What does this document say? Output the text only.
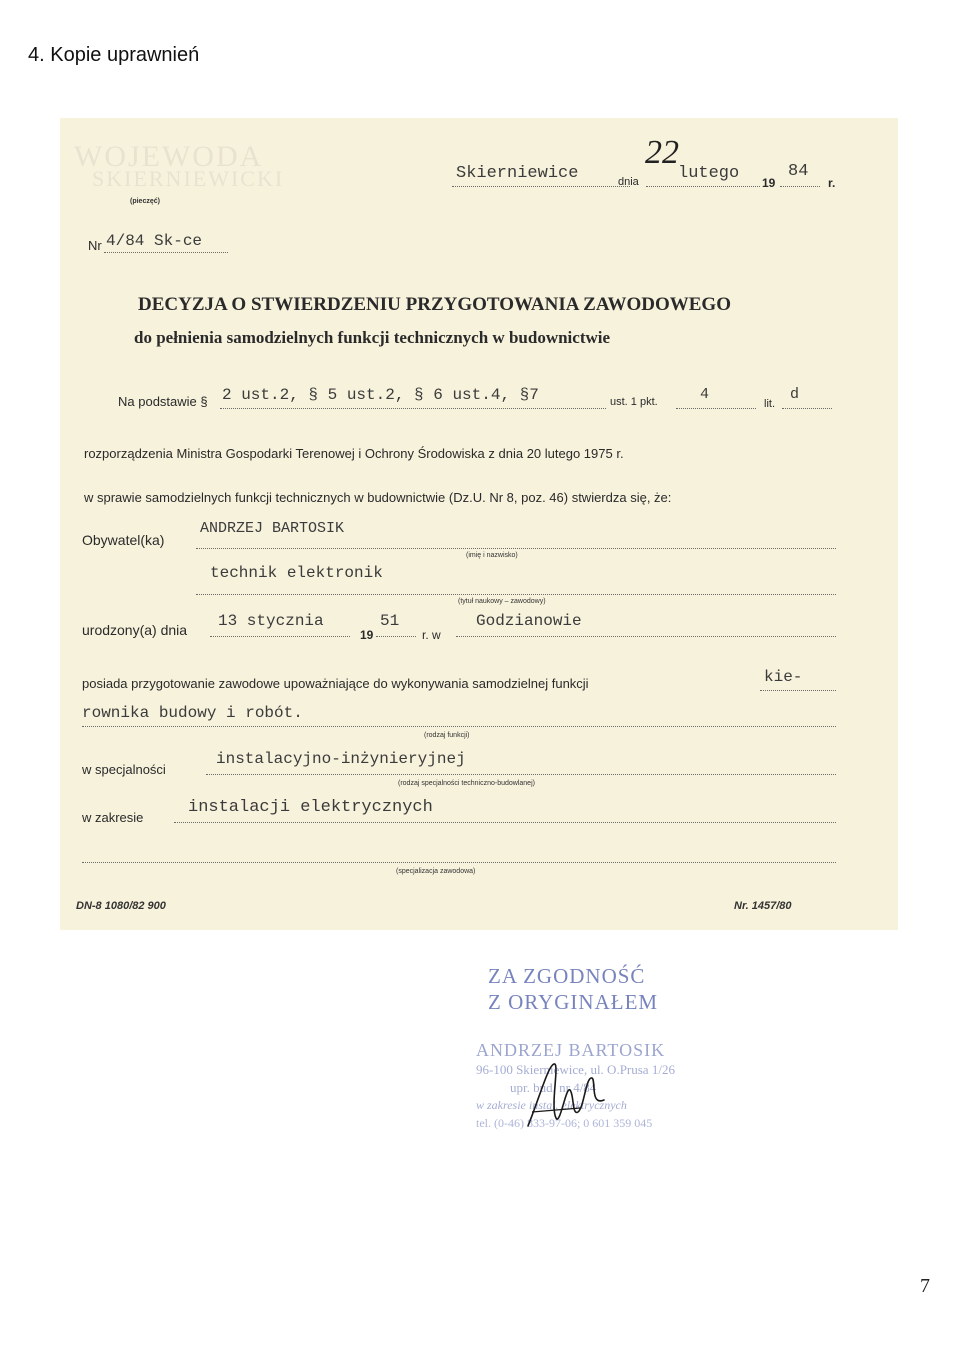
4. Kopie uprawnień
WOJEWODA
SKIERNIEWICKI	Skierniewice	dnia
22
lutego 19
84
r.
(pieczęć)
Nr 4/84 Sk-ce
DECYZJA O STWIERDZENIU PRZYGOTOWANIA ZAWODOWEGO
do pełnienia samodzielnych funkcji technicznych w budownictwie
Na podstawie § 2 ust.2, § 5 ust.2, § 6 ust.4, §7	ust. 1 pkt.	4
lit.
d
rozporządzenia Ministra Gospodarki Terenowej i Ochrony Środowiska z dnia 20 lutego 1975 r.
w sprawie samodzielnych funkcji technicznych w budownictwie (Dz.U. Nr 8, poz. 46) stwierdza się, że:
Obywatel(ka)
ANDRZEJ BARTOSIK
(imię i nazwisko)
technik elektronik
(tytuł naukowy – zawodowy)
urodzony(a) dnia 13 stycznia
19
51
r. w
Godzianowie
posiada przygotowanie zawodowe upoważniające do wykonywania samodzielnej funkcji	kie-
rownika budowy i robót.
(rodzaj funkcji)
w specjalności
instalacyjno-inżynieryjnej
(rodzaj specjalności techniczno-budowlanej)
w zakresie
instalacji elektrycznych
(specjalizacja zawodowa)
DN-8 1080/82 900	Nr. 1457/80
ZA ZGODNOŚĆ
Z ORYGINAŁEM
ANDRZEJ BARTOSIK
96-100 Skierniewice, ul. O.Prusa 1/26
upr. bud. nr 4/84
w zakresie instal. elektrycznych
tel. (0-46) 833-97-06; 0 601 359 045
7
